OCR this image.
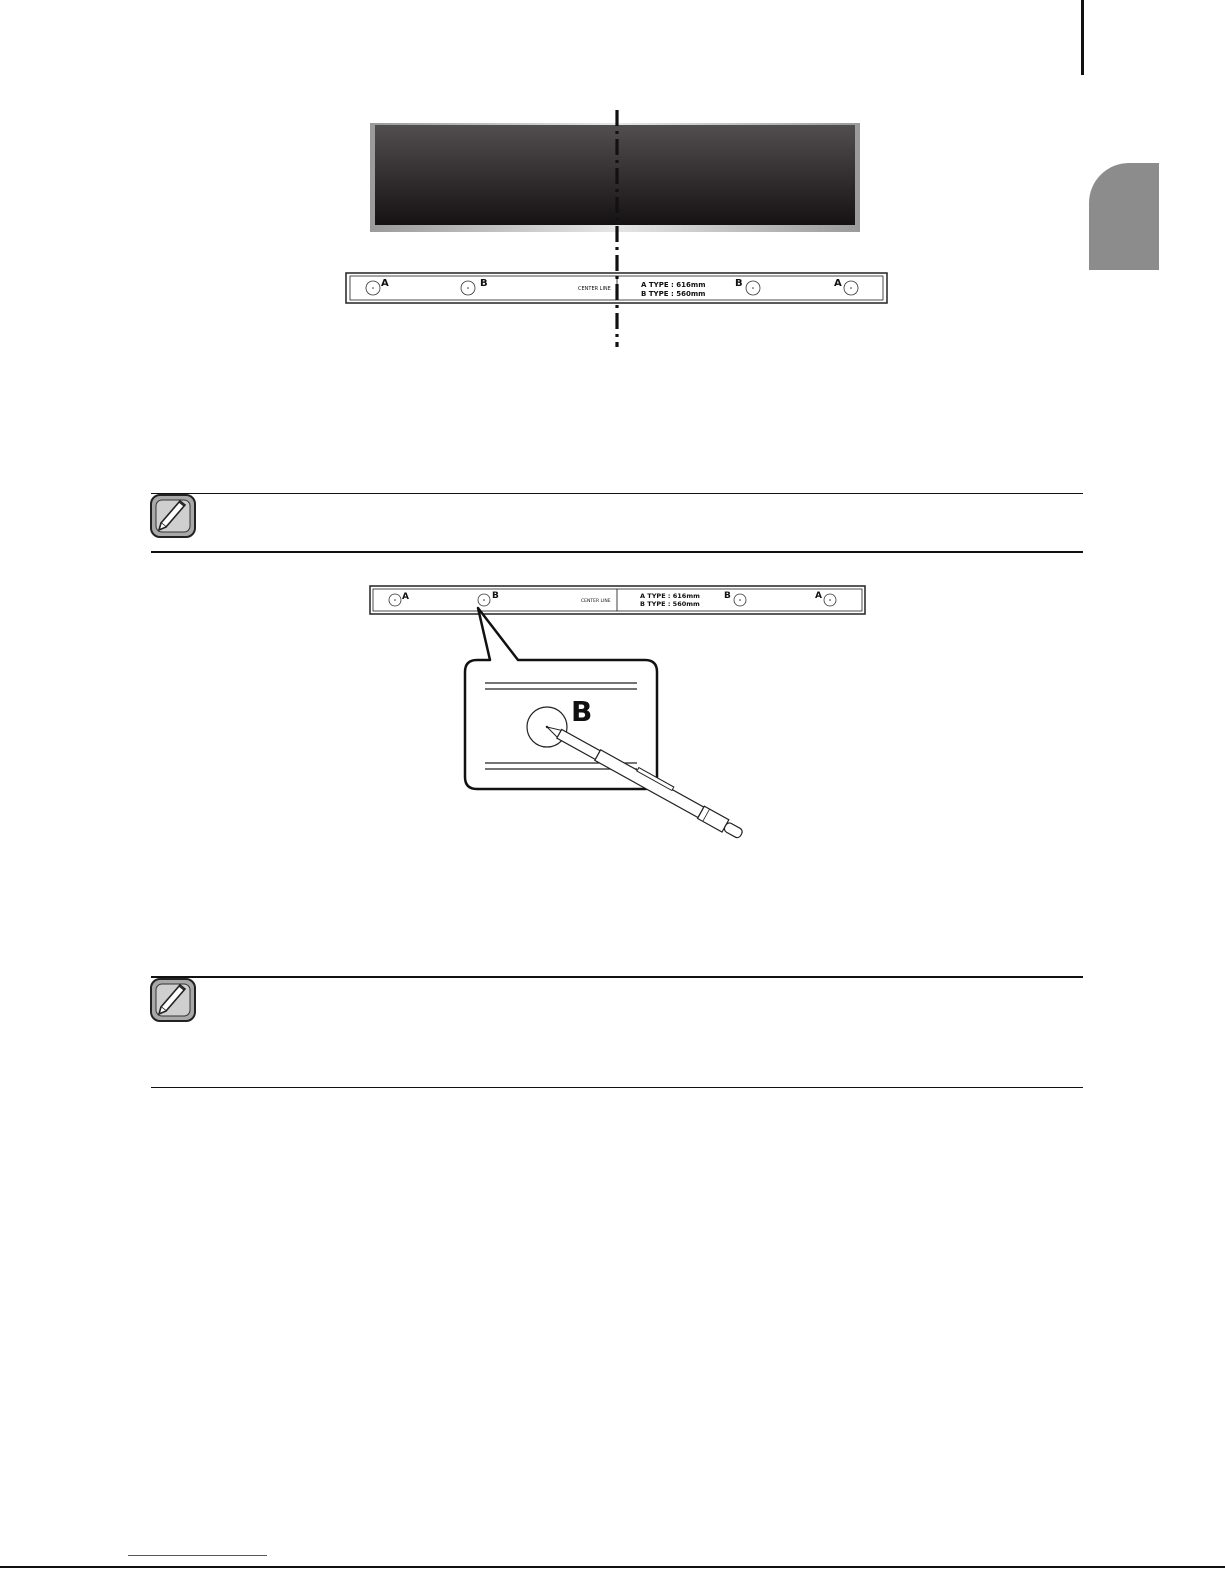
A	B	CENTER LINE	A TYPE : 616mm
B TYPE : 560mm
B	A
A	B
CENTER LINE
A TYPE : 616mm
B TYPE : 560mm
B	A
B
